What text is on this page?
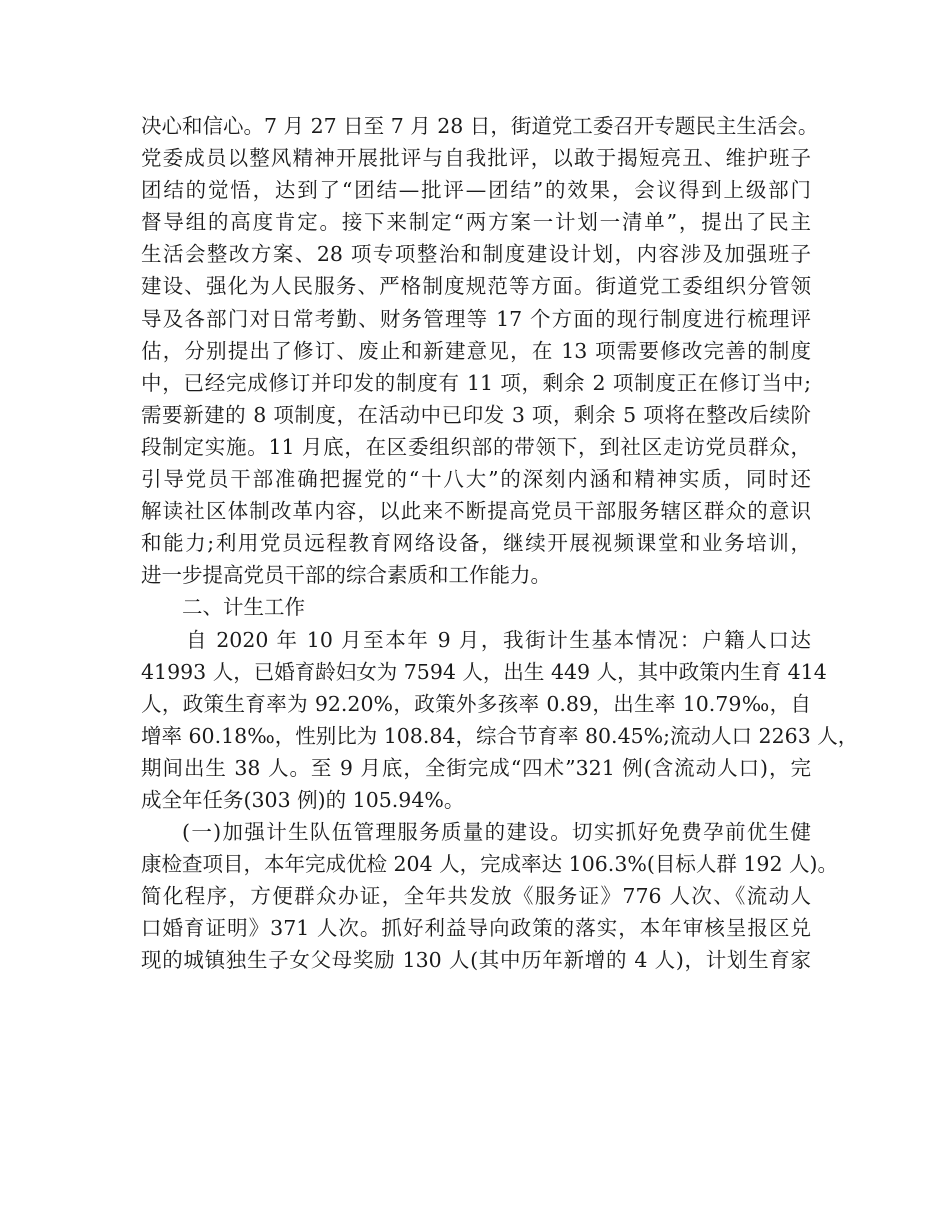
决心和信心。7 月 27 日至 7 月 28 日，街道党工委召开专题民主生活会。
党委成员以整风精神开展批评与自我批评，以敢于揭短亮丑、维护班子
团结的觉悟，达到了“团结—批评—团结”的效果，会议得到上级部门
督导组的高度肯定。接下来制定“两方案一计划一清单”，提出了民主
生活会整改方案、28 项专项整治和制度建设计划，内容涉及加强班子
建设、强化为人民服务、严格制度规范等方面。街道党工委组织分管领
导及各部门对日常考勤、财务管理等 17 个方面的现行制度进行梳理评
估，分别提出了修订、废止和新建意见，在 13 项需要修改完善的制度
中，已经完成修订并印发的制度有 11 项，剩余 2 项制度正在修订当中;
需要新建的 8 项制度，在活动中已印发 3 项，剩余 5 项将在整改后续阶
段制定实施。11 月底，在区委组织部的带领下，到社区走访党员群众，
引导党员干部准确把握党的“十八大”的深刻内涵和精神实质，同时还
解读社区体制改革内容，以此来不断提高党员干部服务辖区群众的意识
和能力;利用党员远程教育网络设备，继续开展视频课堂和业务培训，
进一步提高党员干部的综合素质和工作能力。
二、计生工作
自 2020 年 10 月至本年 9 月，我街计生基本情况：户籍人口达
41993 人，已婚育龄妇女为 7594 人，出生 449 人，其中政策内生育 414
人，政策生育率为 92.20%，政策外多孩率 0.89，出生率 10.79‰，自
增率 60.18‰，性别比为 108.84，综合节育率 80.45%;流动人口 2263 人，
期间出生 38 人。至 9 月底，全街完成“四术”321 例(含流动人口)，完
成全年任务(303 例)的 105.94%。
(一)加强计生队伍管理服务质量的建设。切实抓好免费孕前优生健
康检查项目，本年完成优检 204 人，完成率达 106.3%(目标人群 192 人)。
简化程序，方便群众办证，全年共发放《服务证》776 人次、《流动人
口婚育证明》371 人次。抓好利益导向政策的落实，本年审核呈报区兑
现的城镇独生子女父母奖励 130 人(其中历年新增的 4 人)，计划生育家
